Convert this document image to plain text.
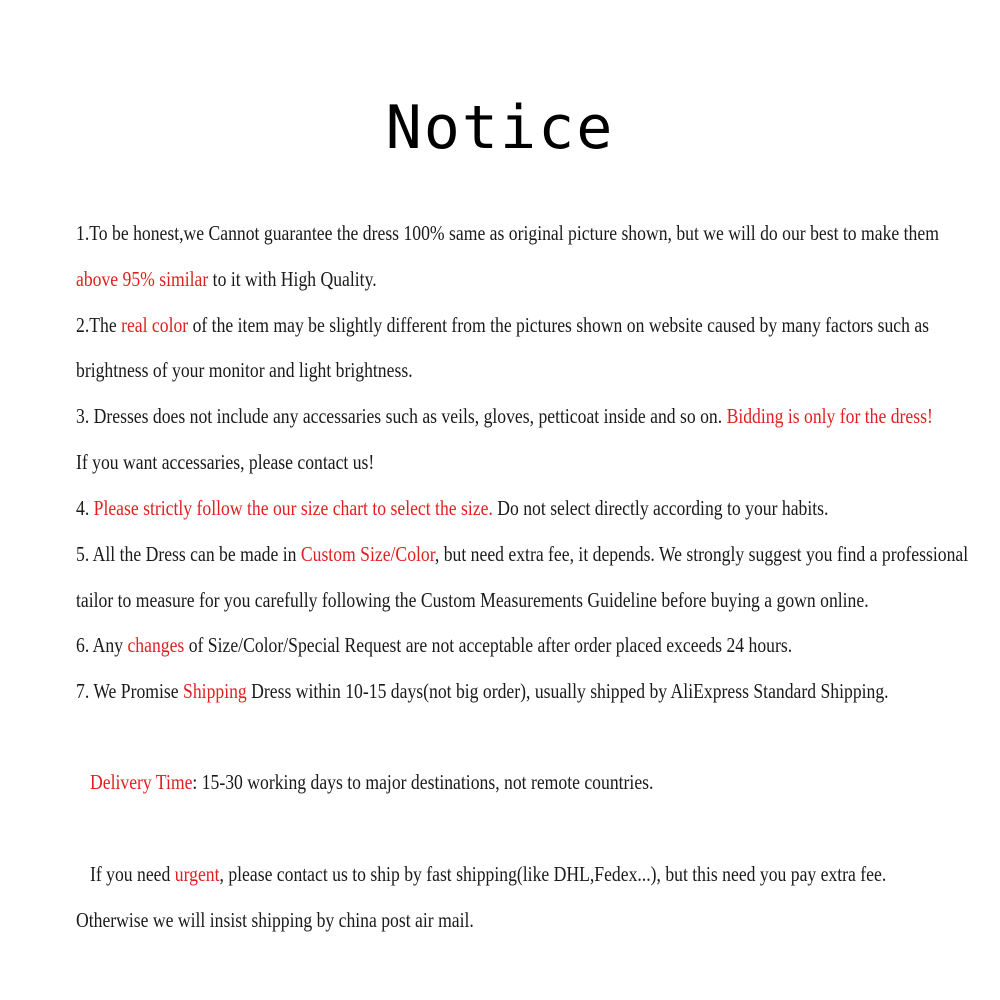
Notice
1.To be honest,we Cannot guarantee the dress 100% same as original picture shown, but we will do our best to make them
above 95% similar to it with High Quality.
2.The real color of the item may be slightly different from the pictures shown on website caused by many factors such as
brightness of your monitor and light brightness.
3. Dresses does not include any accessaries such as veils, gloves, petticoat inside and so on. Bidding is only for the dress!
If you want accessaries, please contact us!
4. Please strictly follow the our size chart to select the size. Do not select directly according to your habits.
5. All the Dress can be made in Custom Size/Color, but need extra fee, it depends. We strongly suggest you find a professional
tailor to measure for you carefully following the Custom Measurements Guideline before buying a gown online.
6. Any changes of Size/Color/Special Request are not acceptable after order placed exceeds 24 hours.
7. We Promise Shipping Dress within 10-15 days(not big order), usually shipped by AliExpress Standard Shipping.
Delivery Time: 15-30 working days to major destinations, not remote countries.
If you need urgent, please contact us to ship by fast shipping(like DHL,Fedex...), but this need you pay extra fee.
Otherwise we will insist shipping by china post air mail.
